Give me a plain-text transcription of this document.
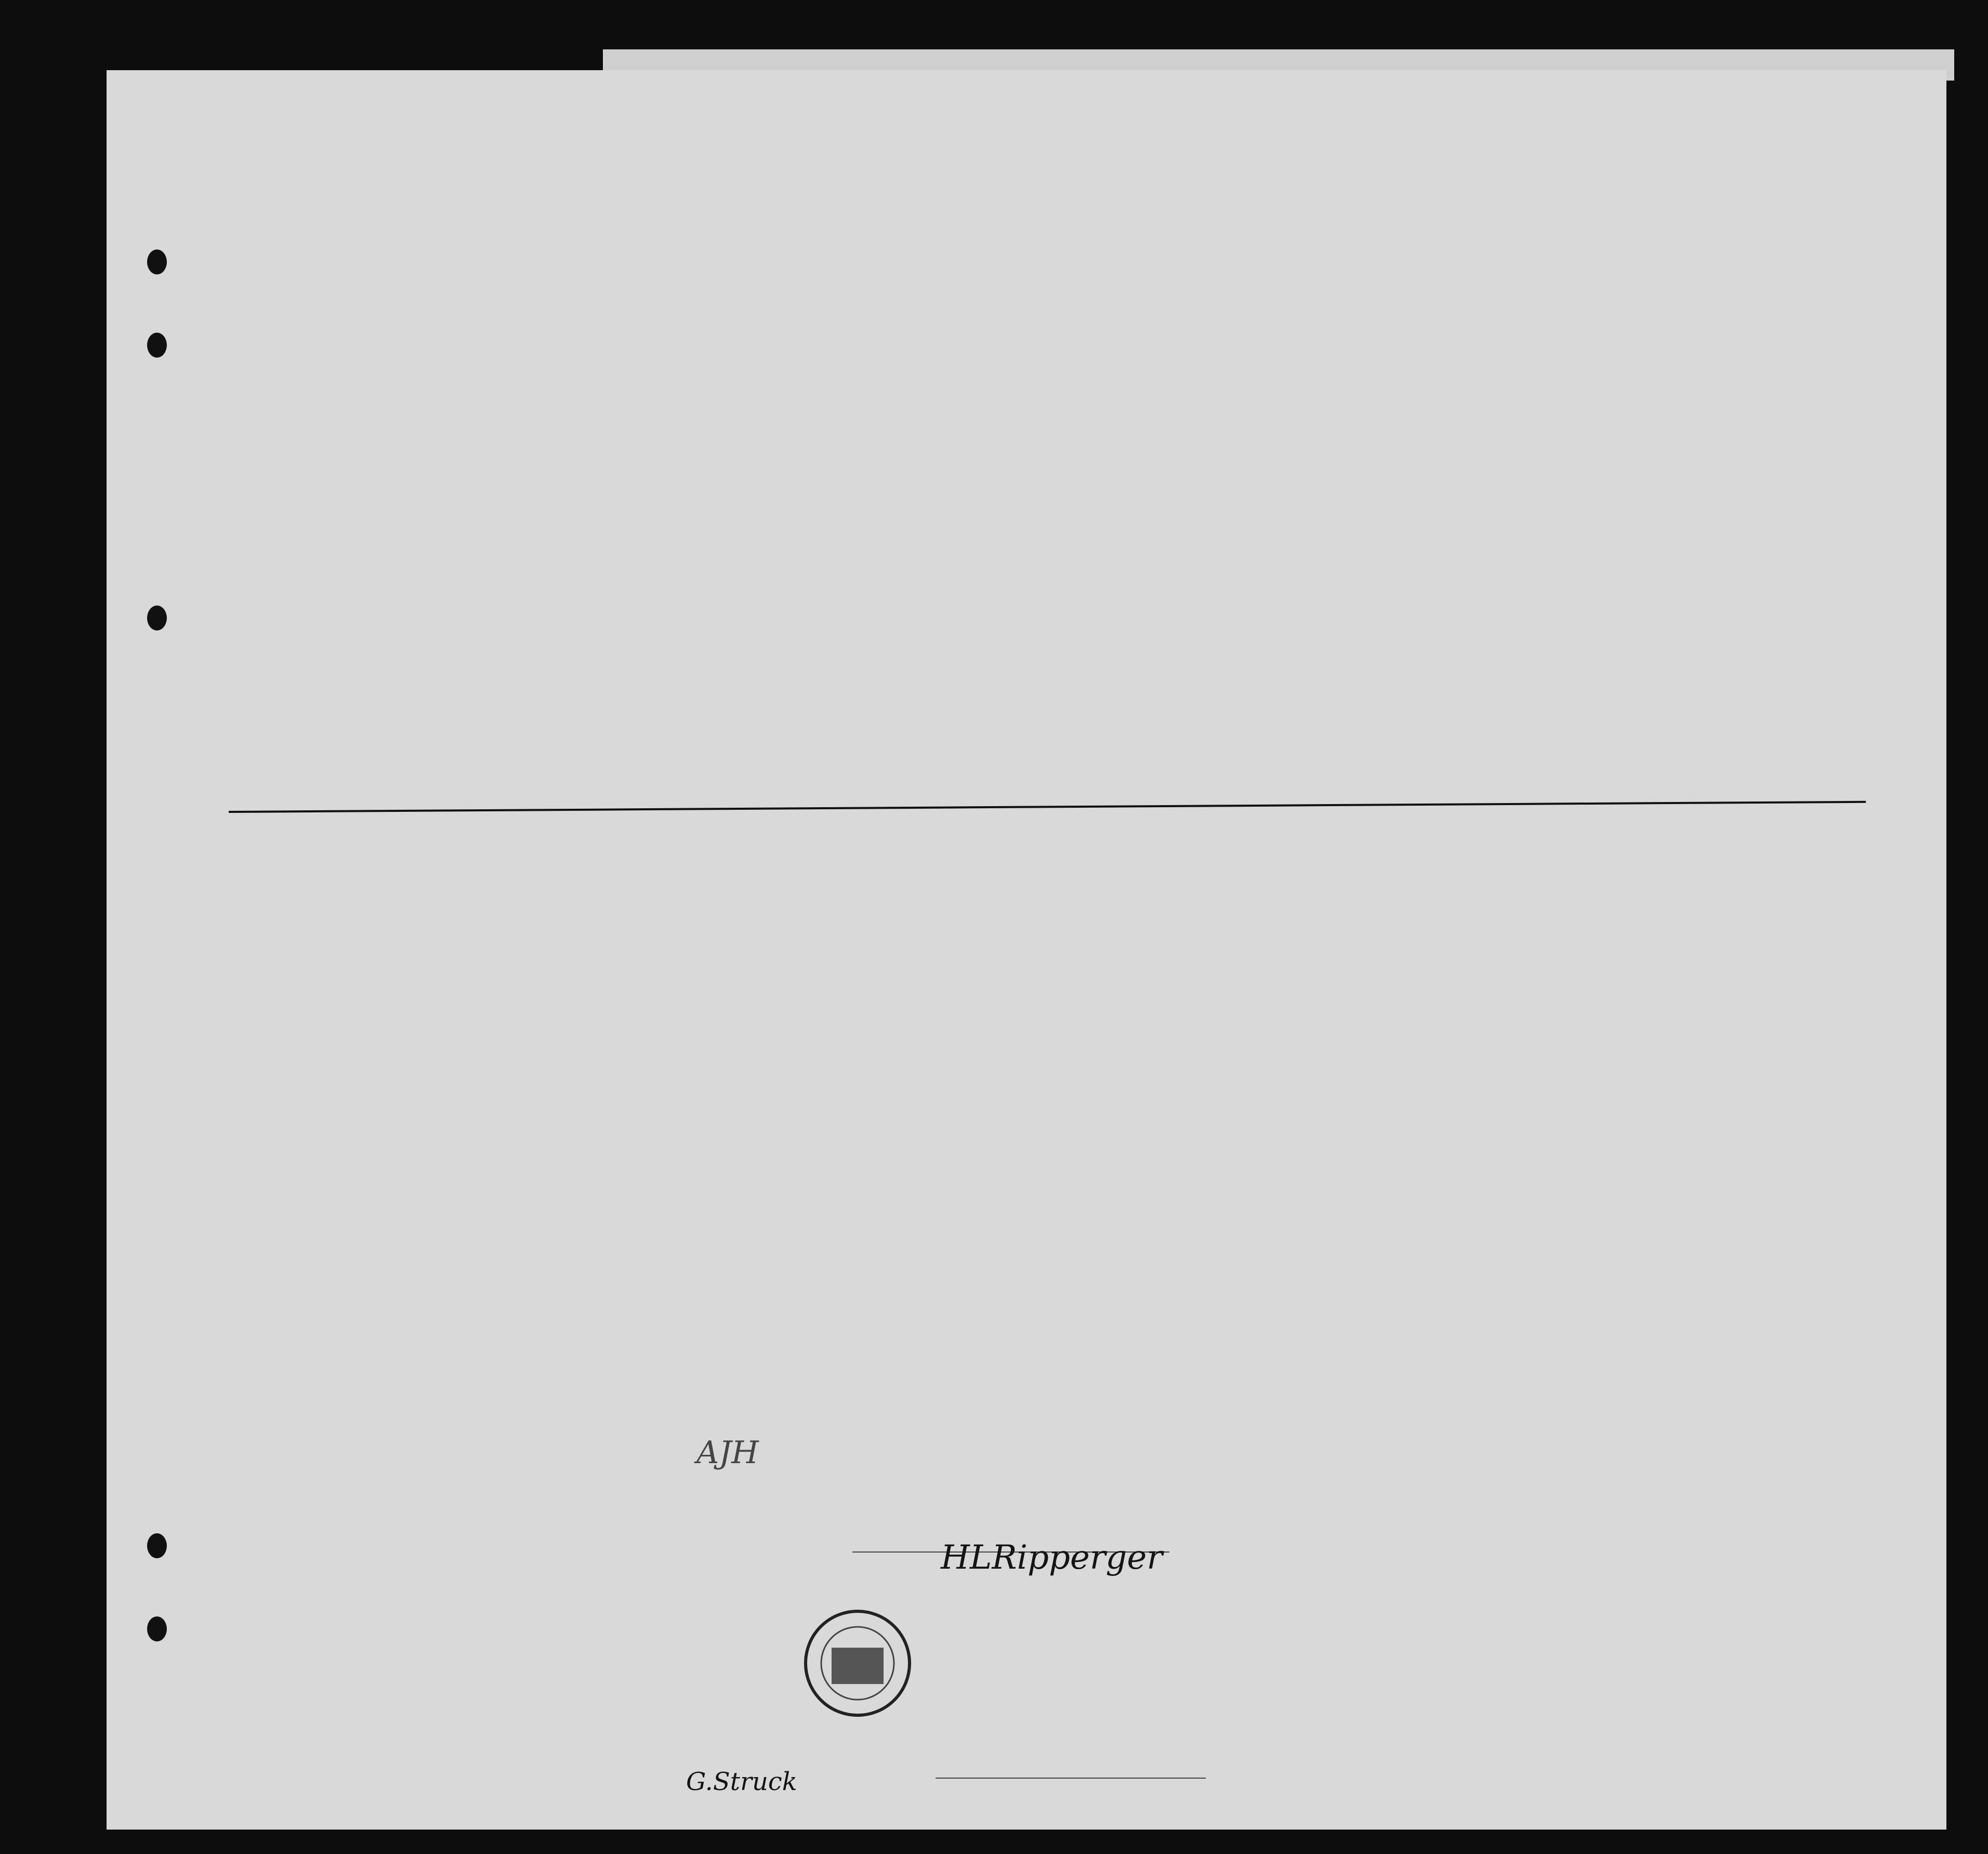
AJH
HLRipperger
G.Struck
